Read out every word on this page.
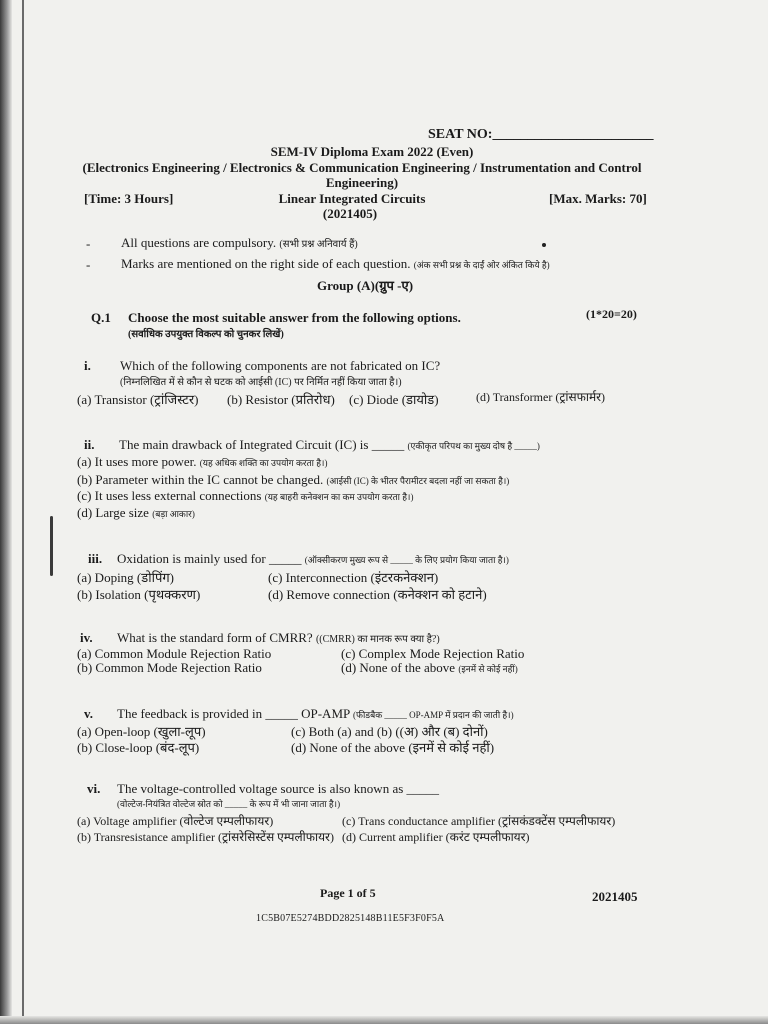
SEAT NO:_______________________
SEM-IV Diploma Exam 2022 (Even)
(Electronics Engineering / Electronics & Communication Engineering / Instrumentation and Control
Engineering)
[Time: 3 Hours]	Linear Integrated Circuits	[Max. Marks: 70]
(2021405)
- All questions are compulsory. (सभी प्रश्न अनिवार्य हैं)
- Marks are mentioned on the right side of each question. (अंक सभी प्रश्न के दाईं ओर अंकित किये है)
Group (A)(ग्रुप -ए)
Q.1 Choose the most suitable answer from the following options.
(सर्वाधिक उपयुक्त विकल्प को चुनकर लिखें)
(1*20=20)
i. Which of the following components are not fabricated on IC?
(निम्नलिखित में से कौन से घटक को आईसी (IC) पर निर्मित नहीं किया जाता है।)
(a) Transistor (ट्रांजिस्टर) (b) Resistor (प्रतिरोध) (c) Diode (डायोड)	(d) Transformer (ट्रांसफार्मर)
ii. The main drawback of Integrated Circuit (IC) is _____ (एकीकृत परिपथ का मुख्य दोष है _____)
(a) It uses more power. (यह अधिक शक्ति का उपयोग करता है।)
(b) Parameter within the IC cannot be changed. (आईसी (IC) के भीतर पैरामीटर बदला नहीं जा सकता है।)
(c) It uses less external connections (यह बाहरी कनेक्शन का कम उपयोग करता है।)
(d) Large size (बड़ा आकार)
iii. Oxidation is mainly used for _____ (ऑक्सीकरण मुख्य रूप से _____ के लिए प्रयोग किया जाता है।)
(a) Doping (डोपिंग)	(c) Interconnection (इंटरकनेक्शन)
(b) Isolation (पृथक्करण)	(d) Remove connection (कनेक्शन को हटाने)
iv. What is the standard form of CMRR? ((CMRR) का मानक रूप क्या है?)
(a) Common Module Rejection Ratio	(c) Complex Mode Rejection Ratio
(b) Common Mode Rejection Ratio	(d) None of the above (इनमें से कोई नहीं)
v. The feedback is provided in _____ OP-AMP (फीडबैक _____ OP-AMP में प्रदान की जाती है।)
(a) Open-loop (खुला-लूप)	(c) Both (a) and (b) ((अ) और (ब) दोनों)
(b) Close-loop (बंद-लूप)	(d) None of the above (इनमें से कोई नहीं)
vi. The voltage-controlled voltage source is also known as _____
(वोल्टेज-नियंत्रित वोल्टेज स्रोत को _____ के रूप में भी जाना जाता है।)
(a) Voltage amplifier (वोल्टेज एम्पलीफायर)	(c) Trans conductance amplifier (ट्रांसकंडक्टेंस एम्पलीफायर)
(b) Transresistance amplifier (ट्रांसरेसिस्टेंस एम्पलीफायर) (d) Current amplifier (करंट एम्पलीफायर)
Page 1 of 5	2021405
1C5B07E5274BDD2825148B11E5F3F0F5A
